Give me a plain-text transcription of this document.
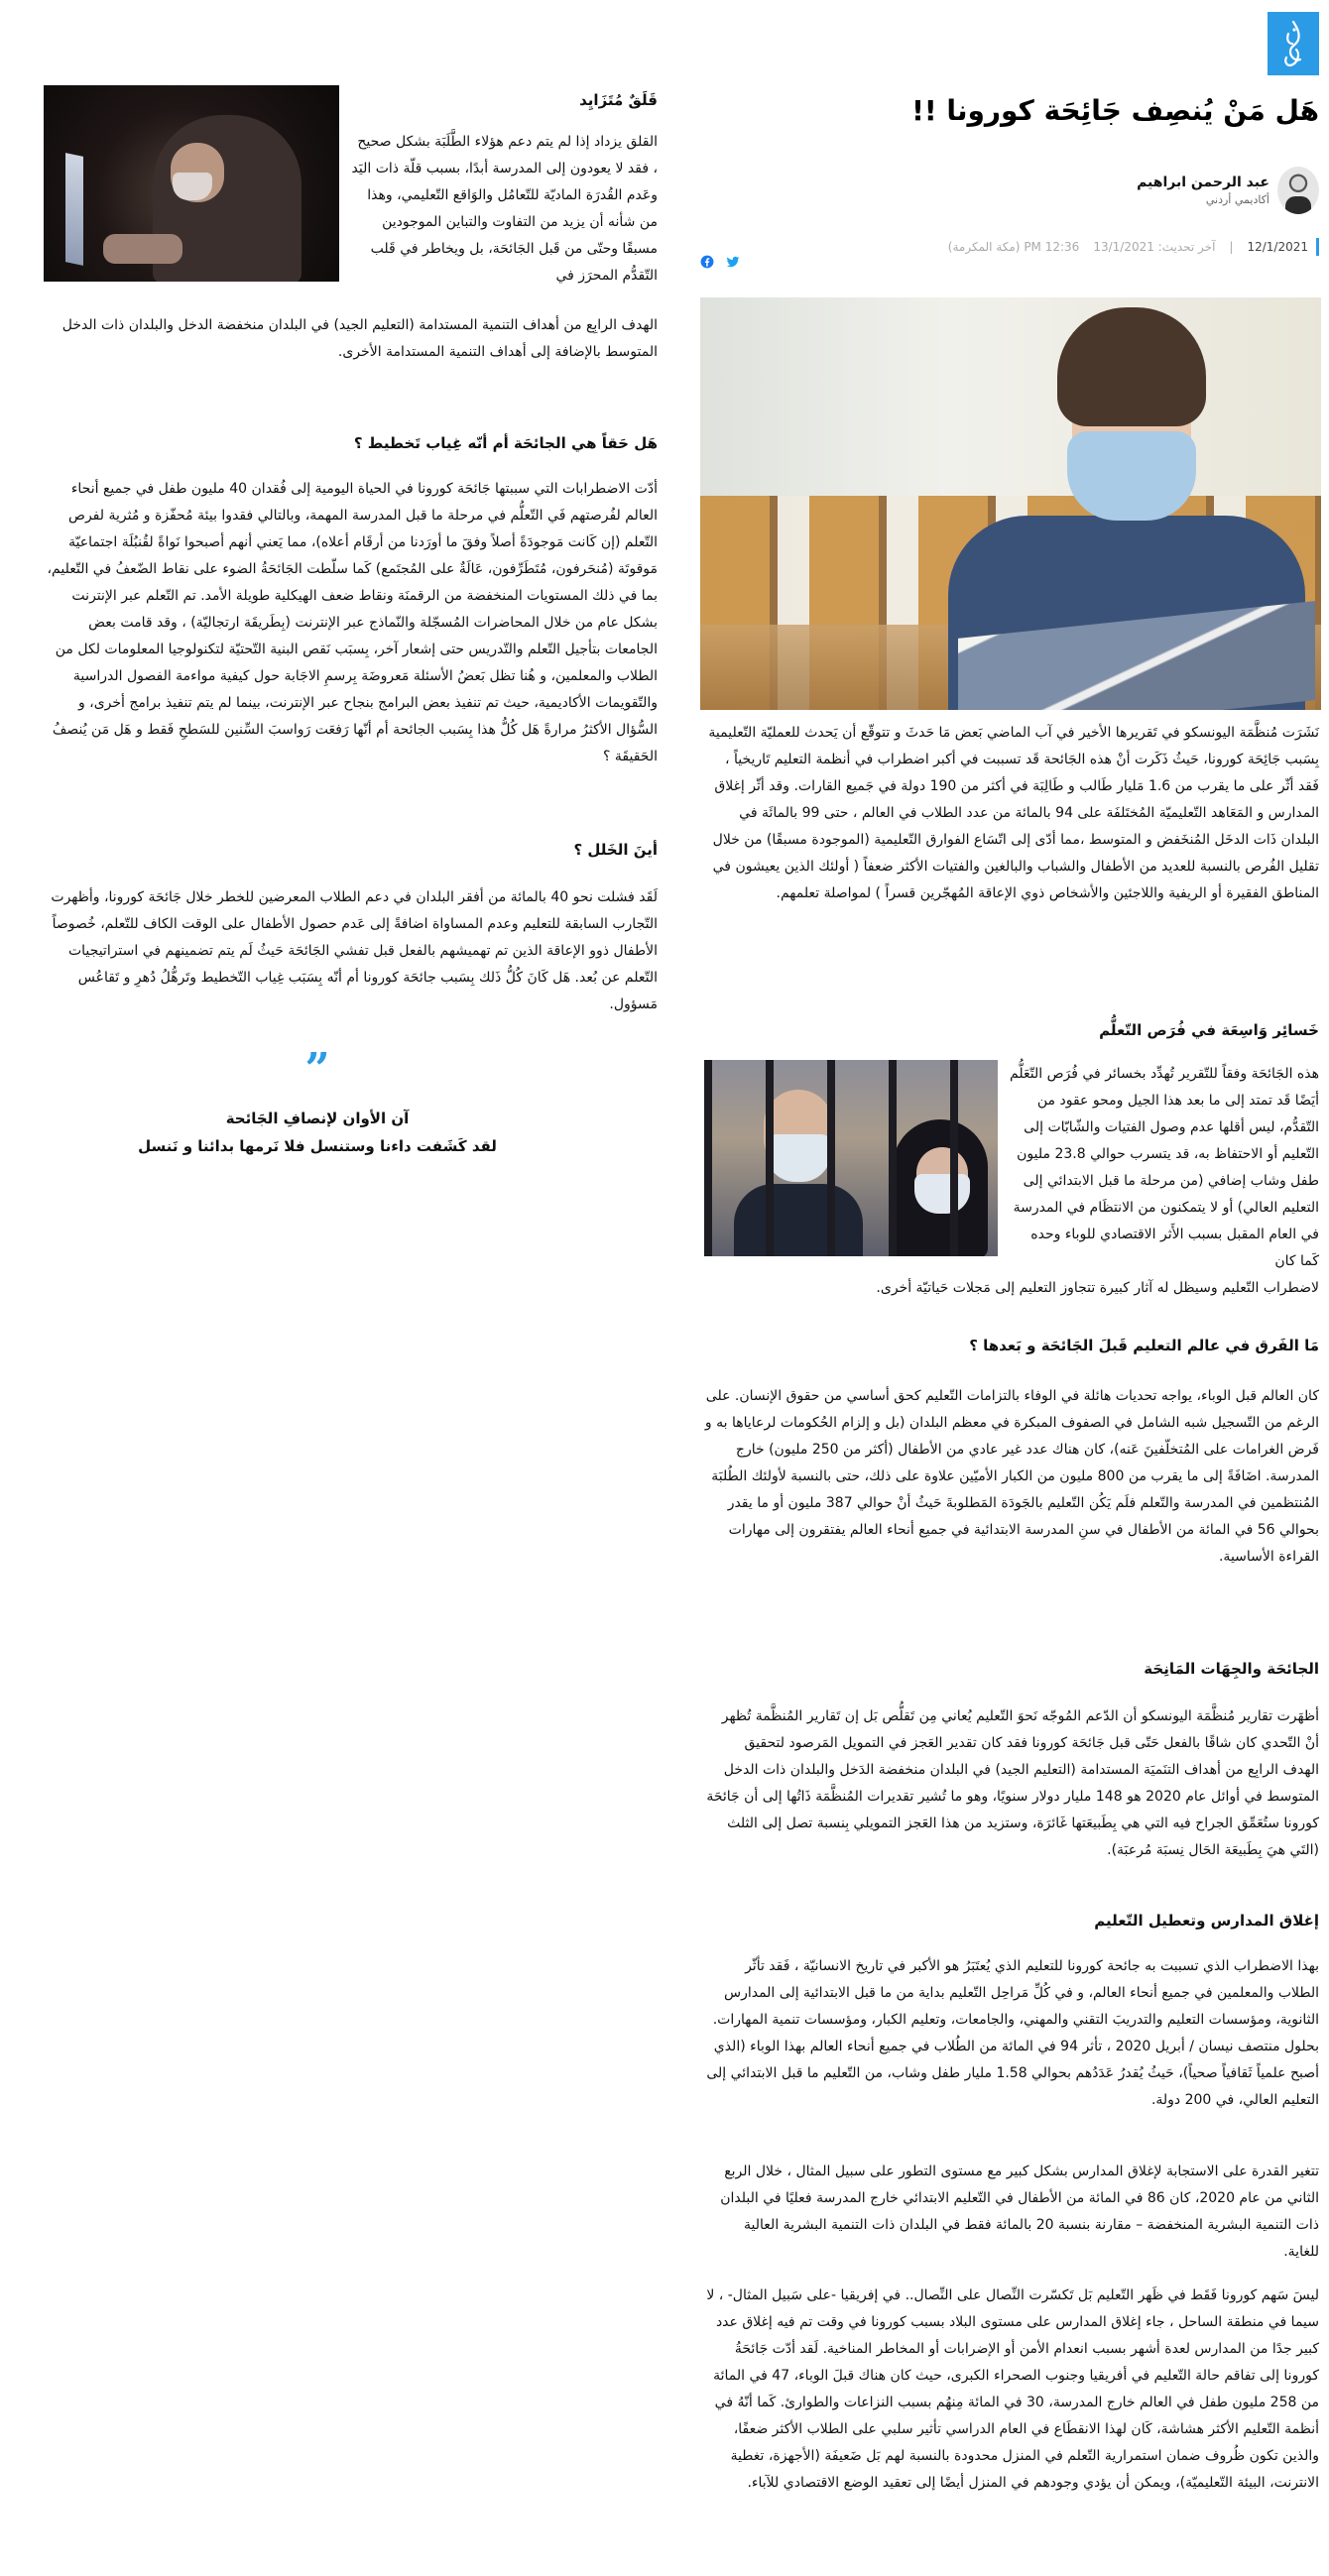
هَل مَنْ يُنصِف جَائِحَة كورونا !!
عبد الرحمن ابراهيم
أكاديمي أردني
12/1/2021
|
آخر تحديث: 13/1/2021
12:36 PM (مكة المكرمة)

نَشَرَت مُنظَّمَة اليونسكو في تَقريرها الأخير في آب الماضي بَعض مَا حَدثَ و تتوقّع أن يَحدث للعمليّة التّعليمية بِسَبب جَائِحَة كورونا، حَيثُ ذَكَرت أنْ هذه الجَائحة قَد تسببت في أكبر اضطراب في أنظمة التعليم تَاريخياً ، فَقد أثّر على ما يقرب من 1.6 مَليار طَالب و طَالِبَة في أكثر من 190 دولة في جَميع القارات. وقد أثّر إغلاق المدارس و المَعَاهد التّعليميّة المُختَلفَة على 94 بالمائة من عدد الطلاب في العالم ، حتى 99 بالمائَة في البلدان ذَات الدخَل المُنخَفض و المتوسط ،مما أدّى إلى اتّسَاع الفوارق التّعليمية (الموجودة مسبقًا) من خلال تقليل الفُرص بالنسبة للعديد من الأطفال والشباب والبالغين والفتيات الأكثر ضعفاً ( أولئك الذين يعيشون في المناطق الفقيرة أو الريفية واللاجئين والأشخاص ذوي الإعاقة المُهجّرين قسراً ) لمواصلة تعلمهم.

خَسائِر وَاسِعَة في فُرَص التّعلُّم

هذه الجَائحَة وفقاً للتّقرير تُهدِّد بخسائر في فُرَص التّعَلُّم أيَضًا قَد تمتد إلى ما بعد هذا الجيل ومحو عقود من التّقدُّم، ليس أقلها عدم وصول الفتيات والشّابّات إلى التّعليم أو الاحتفاظ به، قد يتسرب حوالي 23.8 مليون طفل وشاب إضافي (من مرحلة ما قبل الابتدائي إلى التعليم العالي) أو لا يتمكنون من الانتظَام في المدرسة في العام المقبل بسبب الأَثر الاقتصادي للوباء وحده كَما كان

لاضطراب التّعليم وسيظل له آثار كبيرة تتجاوز التعليم إلى مَجلات حَياتيّة أخرى.

مَا الفَرق في عالم التعليم قَبلَ الجَائحَة و بَعدها ؟

كان العالم قبل الوباء، يواجه تحديات هائلة في الوفاء بالتزامات التّعليم كحق أساسي من حقوق الإنسان. على الرغم من التّسجيل شبه الشامل في الصفوف المبكرة في معظم البلدان (بل و إلزام الحُكومات لرعاياها به و فَرض الغرامات على المُتخلّفينَ عَنه)، كان هناك عدد غير عادي من الأطفال (أكثر من 250 مليون) خارج المدرسة. اضَافَةً إلى ما يقرب من 800 مليون من الكبار الأميّين علاوة على ذلك، حتى بالنسبة لأولئك الطُلبَة المُنتظمين في المدرسة والتّعلم فلَم يَكُن التّعليم بالجَودَة المَطلوبةَ حَيثُ أنْ حوالي 387 مليون أو ما يقدر بحوالي 56 في المائة من الأطفال في سنِ المدرسة الابتدائية في جميع أنحاء العالم يفتقرون إلى مهارات القراءة الأساسية.

الجائحَة والجِهَات المَانِحَة

أظهَرت تقارير مُنظَّمَة اليونسكو أن الدّعم المُوجّه نَحوَ التّعليم يُعاني مِن تَقلُّص بَل إن تَقارير المُنظَّمة تُظهر أنْ التّحدي كان شاقًا بالفعل حَتّى قبل جَائحَة كورونا فقد كان تقدير العَجز في التمويل المَرصود لتحقيق الهدف الرابِع من أهداف التنَميَة المستدامة (التعليم الجيد) في البلدان منخفضة الدَخل والبلدان ذات الدخل المتوسط في أوائل عام 2020 هو 148 مليار دولار سنويًا، وهو ما تُشير تقديرات المُنظَّمَة ذَاتُها إلى أن جَائحَة كورونا ستُعَمِّق الجراح فيه التي هي بِطَبيعَتها غَائرَة، وستزيد من هذا العَجز التمويلي بِنسبة تصل إلى الثلث (التَي هيَ بِطَبيعَة الحَال نِسبَة مُرعبَة).

إغلاق المدارس وتعطيل التّعليم

بهذا الاضطراب الذي تسببت به جائحة كورونا للتعليم الذي يُعتَبَرُ هو الأكبر في تاريخ الانسانيّة ، فَقد تأثّر الطلاب والمعلمين في جميع أنحاء العالم، و في كُلِّ مَراحِل التّعليم بداية من ما قبل الابتدائية إلى المدارس الثانوية، ومؤسسات التعليم والتدريبَ التقني والمهني، والجامعات، وتعليم الكبار، ومؤسسات تنمية المهارات. بحلول منتصف نيسان / أبريل 2020 ، تأثر 94 في المائة من الطُلاب في جميع أنحاء العالم بهذا الوباء (الذي أصبح علمياً ثَقافياً صحياً)، حَيثُ يُقدرُ عَدَدُهم بحوالي 1.58 مليار طفل وشاب، من التّعليم ما قبل الابتدائي إلى التعليم العالي، في 200 دولة.

تتغير القدرة على الاستجابة لإغلاق المدارس بشكل كبير مع مستوى التطور على سبيل المثال ، خلال الربع الثاني من عام 2020، كان 86 في المائة من الأطفال في التّعليم الابتدائي خارج المدرسة فعليًا في البلدان ذات التنمية البشرية المنخفضة – مقارنة بنسبة 20 بالمائة فقط في البلدان ذات التنمية البشرية العالية للغاية.

ليسَ سَهم كورونا فَقَط في ظَهر التّعليم بَل تَكسّرت النِّصال على النِّصال.. في إفريقيا -على سَبيل المثال- ، لا سيما في منطقة الساحل ، جاء إغلاق المدارس على مستوى البلاد بسبب كورونا في وقت تم فيه إغلاق عدد كبير جدًا من المدارس لعدة أشهر بسبب انعدام الأمن أو الإضرابات أو المخاطر المناخية. لَقد أدّت جَائحَةُ كورونا إلى تفاقم حالة التّعليم في أفريقيا وجنوب الصحراء الكبرى، حيث كان هناك قبلَ الوباء، 47 في المائة من 258 مليون طفل في العالم خارج المدرسة، 30 في المائة مِنهُم بسبب النزاعات والطوارئ. كَما أنّهُ في أنظمة التّعليم الأكثر هشاشة، كَان لهذا الانقطَاع في العام الدراسي تأثير سلبي على الطلاب الأكثر ضعفًا، والذين تكون ظُروف ضمان استمرارية التّعلم في المنزل محدودة بالنسبة لهم بَل ضَعيفَة (الأجهزة، تغطية الانترنت، البيئة التّعليميّة)، ويمكن أن يؤدي وجودهم في المنزل أيضًا إلى تعقيد الوضع الاقتصادي للآباء.

قَلَقٌ مُتَزَايِد

القلق يزداد إذا لم يتم دعم هؤلاء الطَّلَبَة بشكل صحيح ، فقد لا يعودون إلى المدرسة أبدًا، بسبب قلّة ذات اليَد وعَدم القُدرَة الماديّة للتّعامُل والوَاقع التّعليمي، وهذا من شأنه أن يزيد من التفاوت والتباين الموجودين مسبقًا وحتّى من قَبل الجَائحَة، بل ويخاطر في قَلب التّقدُّم المحرَز في

الهدف الرابِع من أهداف التنمية المستدامة (التعليم الجيد) في البلدان منخفضة الدخل والبلدان ذات الدخل المتوسط بالإضافة إلى أهداف التنمية المستدامة الأخرى.

هَل حَقاً هي الجائحَة أم أنّه غِياب تَخطيط ؟

أدّت الاضطرابات التي سببتها جَائحَة كورونا في الحياة اليومية إلى فُقدان 40 مليون طفل في جميع أنحاء العالم لفُرصتهم فَي التّعلُّم في مرحلة ما قبل المدرسة المهمة، وبالتالي فقدوا بيئة مُحفّزة و مُثرية لفرص التّعلم (إن كَانت مَوجودَةً أصلاً وفقَ ما أورَدنا من أرقَام أعلاه)، مما يَعني أنهم أصبحوا نَواةً لقُنبُلَة اجتماعيّة مَوقوتَة (مُنحَرفون، مُتَطَرِّفون، عَالَةٌ على المُجتَمع) كَما سلّطت الجَائحَةُ الضوء على نقاط الضّعفُ في التّعليم، بما في ذلك المستويات المنخفضة من الرقمنَة ونقاط ضعف الهيكلية طويلة الأمد. تم التّعلم عبر الإنترنت بشكل عام من خلال المحاضرات المُسجّلة والنّماذج عبر الإنترنت (بِطَريقَة ارتجاليّة) ، وقد قامت بعض الجامعات بتأجيل التّعلم والتّدريس حتى إشعار آخر، بِسبَب نَقص البنية التّحتيّة لتكنولوجيا المعلومات لكل من الطلاب والمعلمين، و هُنا تظل بَعضُ الأسئلة مَعروضَة بِرسمِ الاجَابة حول كيفية مواءمة الفصول الدراسية والتّقويمات الأكاديمية، حيث تم تنفيذ بعض البرامج بنجاح عبر الإنترنت، بينما لم يتم تنفيذ برامج أخرى، و السُّؤال الأكثرُ مرارةً هَل كُلُّ هذا بِسَبب الجائحة أم أنّها رَفعَت رَواسبَ السِّنين للسَطحِ فَقط و هَل مَن يُنصفُ الحَقيقَة ؟

أينَ الخَلل ؟

لَقَد فشلت نحو 40 بالمائة من أفقر البلدان في دعم الطلاب المعرضين للخطر خلال جَائحَة كورونا، وأظهرت التّجارب السابقة للتعليم وعدم المساواة اضافةً إلى عَدم حصول الأطفال على الوقت الكاف للتّعلم، خُصوصاً الأطفال ذوو الإعاقة الذين تم تهميشهم بالفعل قبل تفشي الجَائحَة حَيثُ لَم يتم تضمينهم في استراتيجيات التّعلم عن بُعد. هَل كَانَ كُلُّ ذَلك بِسَبب جائحَة كورونا أم أنّه بِسَبَب غِياب التّخطيط وتَرهُّلُ دُهرِ و تَقاعُس مَسؤول.

”
آن الأوان لإنصافِ الجَائحة
لقد كَشَفت داءنا وستنسل فلا نَرمها بدائنا و نَنسل
